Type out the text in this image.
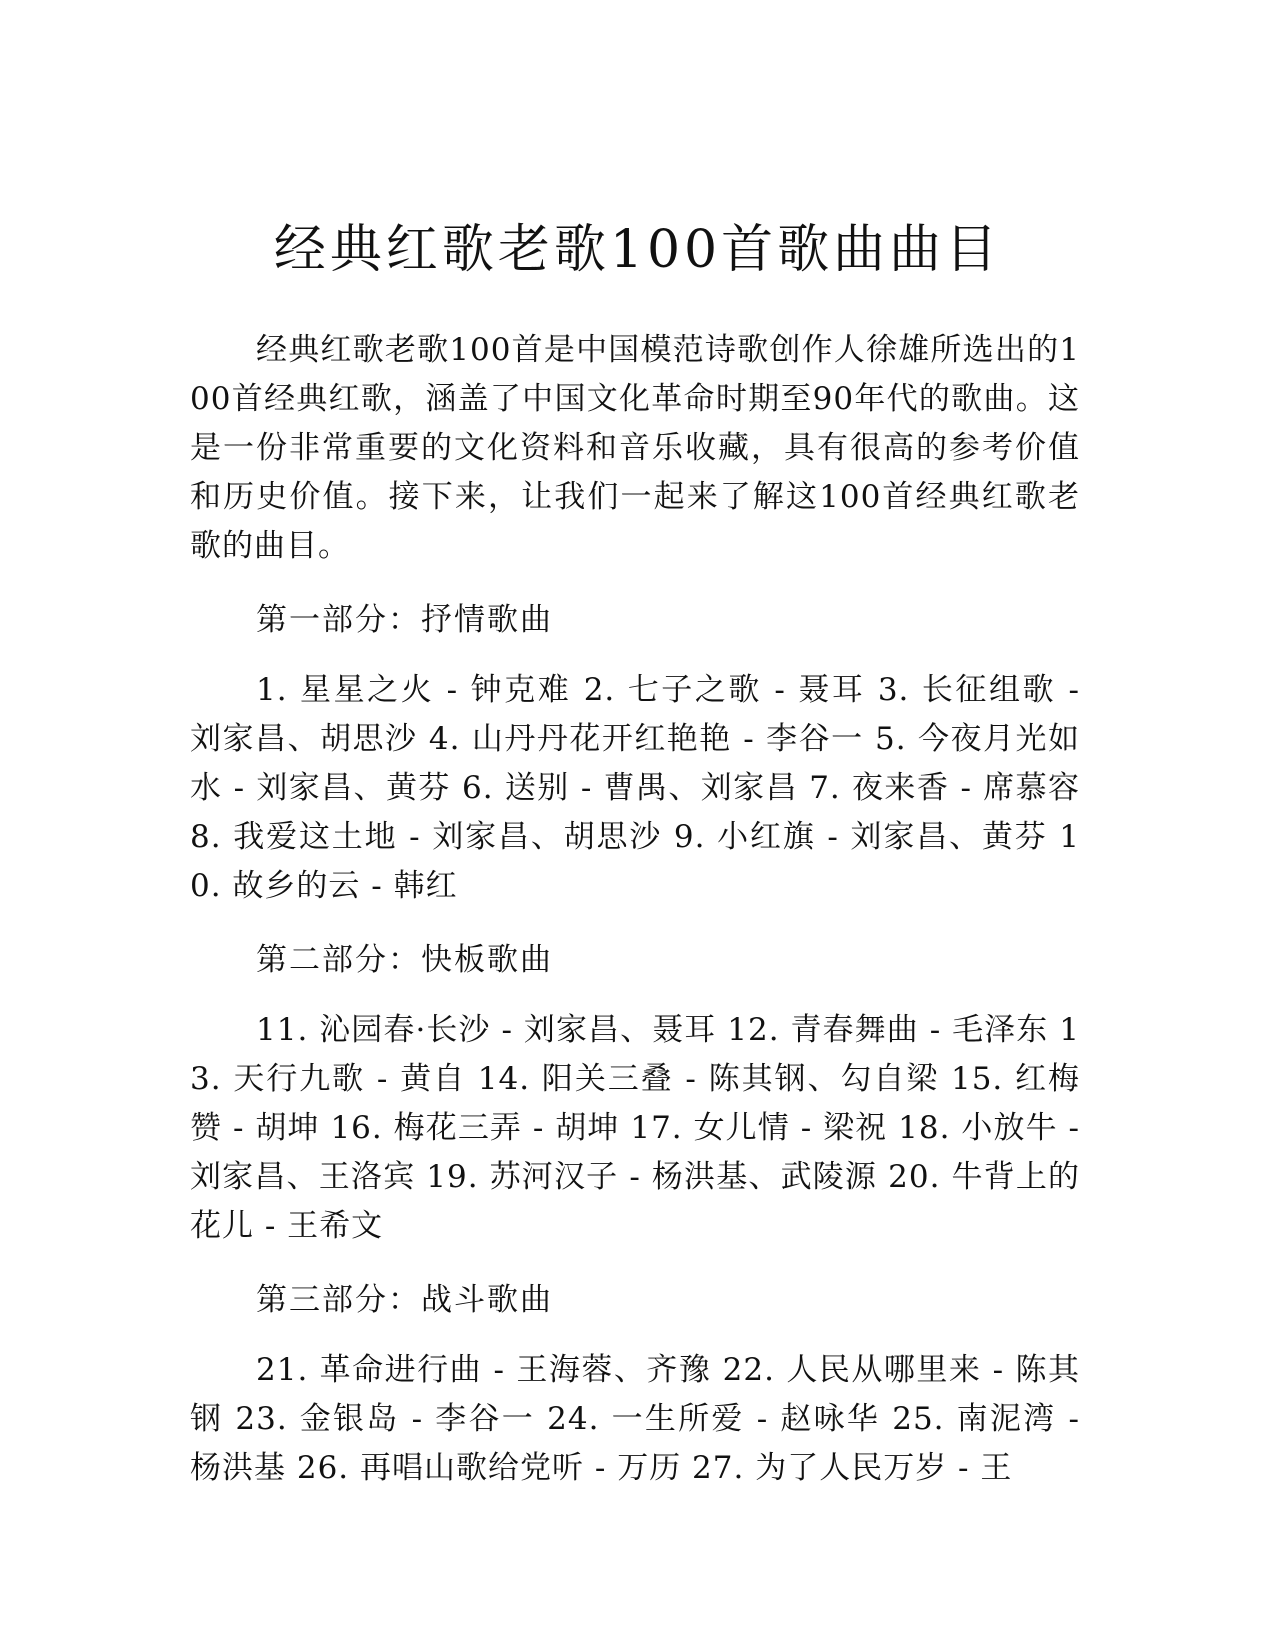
经典红歌老歌100首歌曲曲目

经典红歌老歌100首是中国模范诗歌创作人徐雄所选出的100首经典红歌，涵盖了中国文化革命时期至90年代的歌曲。这是一份非常重要的文化资料和音乐收藏，具有很高的参考价值和历史价值。接下来，让我们一起来了解这100首经典红歌老歌的曲目。

第一部分：抒情歌曲

1. 星星之火 - 钟克难 2. 七子之歌 - 聂耳 3. 长征组歌 - 刘家昌、胡思沙 4. 山丹丹花开红艳艳 - 李谷一 5. 今夜月光如水 - 刘家昌、黄芬 6. 送别 - 曹禺、刘家昌 7. 夜来香 - 席慕容 8. 我爱这土地 - 刘家昌、胡思沙 9. 小红旗 - 刘家昌、黄芬 10. 故乡的云 - 韩红

第二部分：快板歌曲

11. 沁园春·长沙 - 刘家昌、聂耳 12. 青春舞曲 - 毛泽东 13. 天行九歌 - 黄自 14. 阳关三叠 - 陈其钢、勾自梁 15. 红梅赞 - 胡坤 16. 梅花三弄 - 胡坤 17. 女儿情 - 梁祝 18. 小放牛 - 刘家昌、王洛宾 19. 苏河汉子 - 杨洪基、武陵源 20. 牛背上的花儿 - 王希文

第三部分：战斗歌曲

21. 革命进行曲 - 王海蓉、齐豫 22. 人民从哪里来 - 陈其钢 23. 金银岛 - 李谷一 24. 一生所爱 - 赵咏华 25. 南泥湾 - 杨洪基 26. 再唱山歌给党听 - 万历 27. 为了人民万岁 - 王
